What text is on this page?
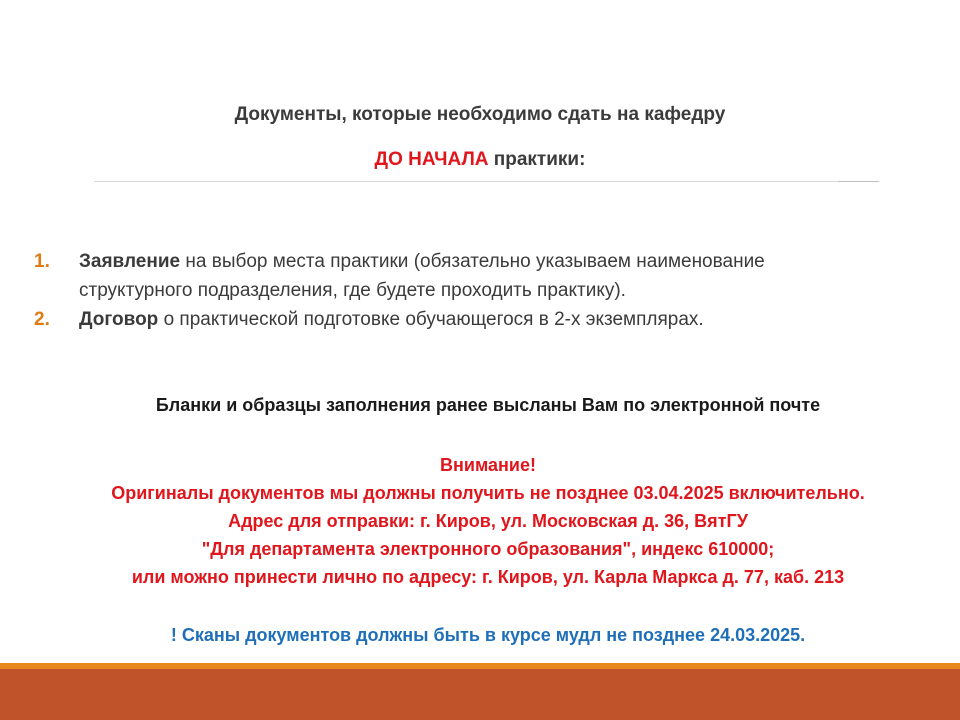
Документы, которые необходимо сдать на кафедру
ДО НАЧАЛА практики:
1. Заявление на выбор места практики (обязательно указываем наименование
структурного подразделения, где будете проходить практику).
2. Договор о практической подготовке обучающегося в 2-х экземплярах.
Бланки и образцы заполнения ранее высланы Вам по электронной почте
Внимание!
Оригиналы документов мы должны получить не позднее 03.04.2025 включительно.
Адрес для отправки: г. Киров, ул. Московская д. 36, ВятГУ
"Для департамента электронного образования", индекс 610000;
или можно принести лично по адресу: г. Киров, ул. Карла Маркса д. 77, каб. 213
! Сканы документов должны быть в курсе мудл не позднее 24.03.2025.
